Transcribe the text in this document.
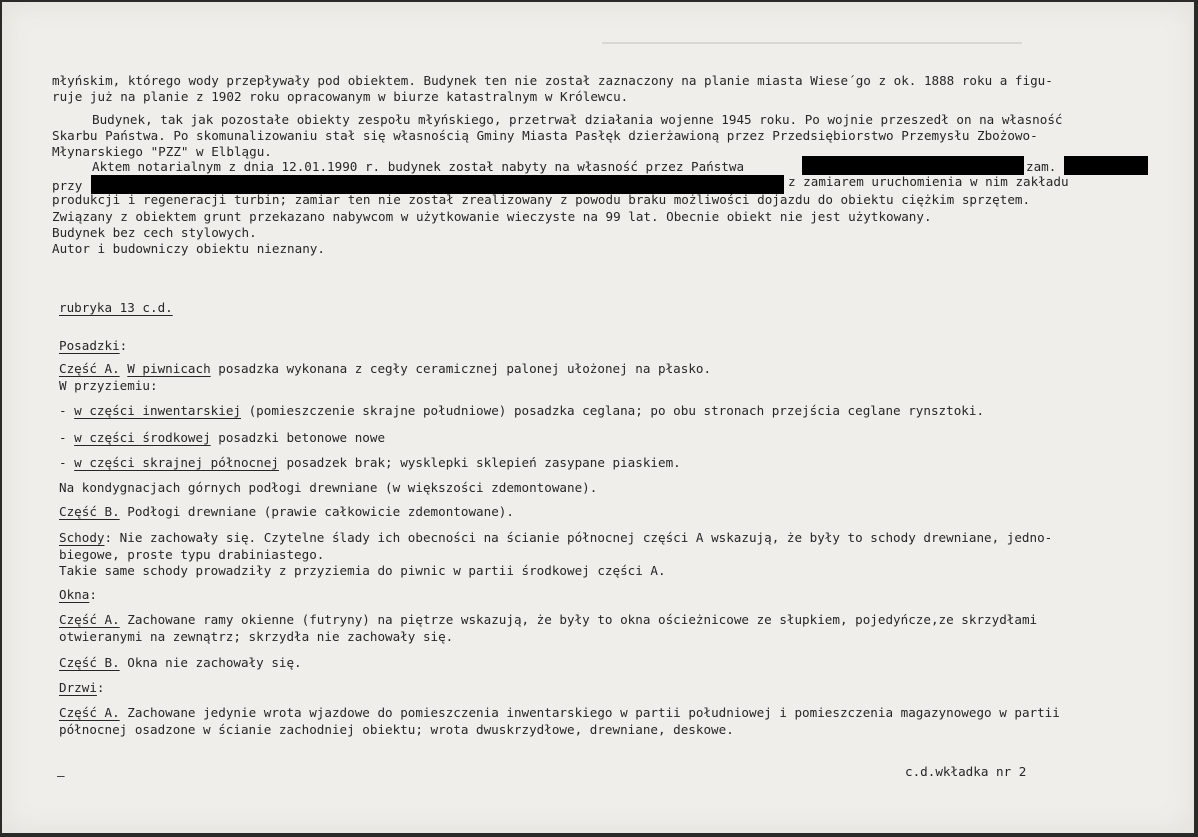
młyńskim, którego wody przepływały pod obiektem. Budynek ten nie został zaznaczony na planie miasta Wiese´go z ok. 1888 roku a figu-
ruje już na planie z 1902 roku opracowanym w biurze katastralnym w Królewcu.
Budynek, tak jak pozostałe obiekty zespołu młyńskiego, przetrwał działania wojenne 1945 roku. Po wojnie przeszedł on na własność
Skarbu Państwa. Po skomunalizowaniu stał się własnością Gminy Miasta Pasłęk dzierżawioną przez Przedsiębiorstwo Przemysłu Zbożowo-
Młynarskiego "PZZ" w Elblągu.
Aktem notarialnym z dnia 12.01.1990 r. budynek został nabyty na własność przez Państwa	zam.
przy	z zamiarem uruchomienia w nim zakładu
produkcji i regeneracji turbin; zamiar ten nie został zrealizowany z powodu braku możliwości dojazdu do obiektu ciężkim sprzętem.
Związany z obiektem grunt przekazano nabywcom w użytkowanie wieczyste na 99 lat. Obecnie obiekt nie jest użytkowany.
Budynek bez cech stylowych.
Autor i budowniczy obiektu nieznany.
rubryka 13 c.d.
Posadzki:
Część A. W piwnicach posadzka wykonana z cegły ceramicznej palonej ułożonej na płasko.
W przyziemiu:
- w części inwentarskiej (pomieszczenie skrajne południowe) posadzka ceglana; po obu stronach przejścia ceglane rynsztoki.
- w części środkowej posadzki betonowe nowe
- w części skrajnej północnej posadzek brak; wysklepki sklepień zasypane piaskiem.
Na kondygnacjach górnych podłogi drewniane (w większości zdemontowane).
Część B. Podłogi drewniane (prawie całkowicie zdemontowane).
Schody: Nie zachowały się. Czytelne ślady ich obecności na ścianie północnej części A wskazują, że były to schody drewniane, jedno-
biegowe, proste typu drabiniastego.
Takie same schody prowadziły z przyziemia do piwnic w partii środkowej części A.
Okna:
Część A. Zachowane ramy okienne (futryny) na piętrze wskazują, że były to okna ościeżnicowe ze słupkiem, pojedyńcze,ze skrzydłami
otwieranymi na zewnątrz; skrzydła nie zachowały się.
Część B. Okna nie zachowały się.
Drzwi:
Część A. Zachowane jedynie wrota wjazdowe do pomieszczenia inwentarskiego w partii południowej i pomieszczenia magazynowego w partii
północnej osadzone w ścianie zachodniej obiektu; wrota dwuskrzydłowe, drewniane, deskowe.
–	c.d.wkładka nr 2
